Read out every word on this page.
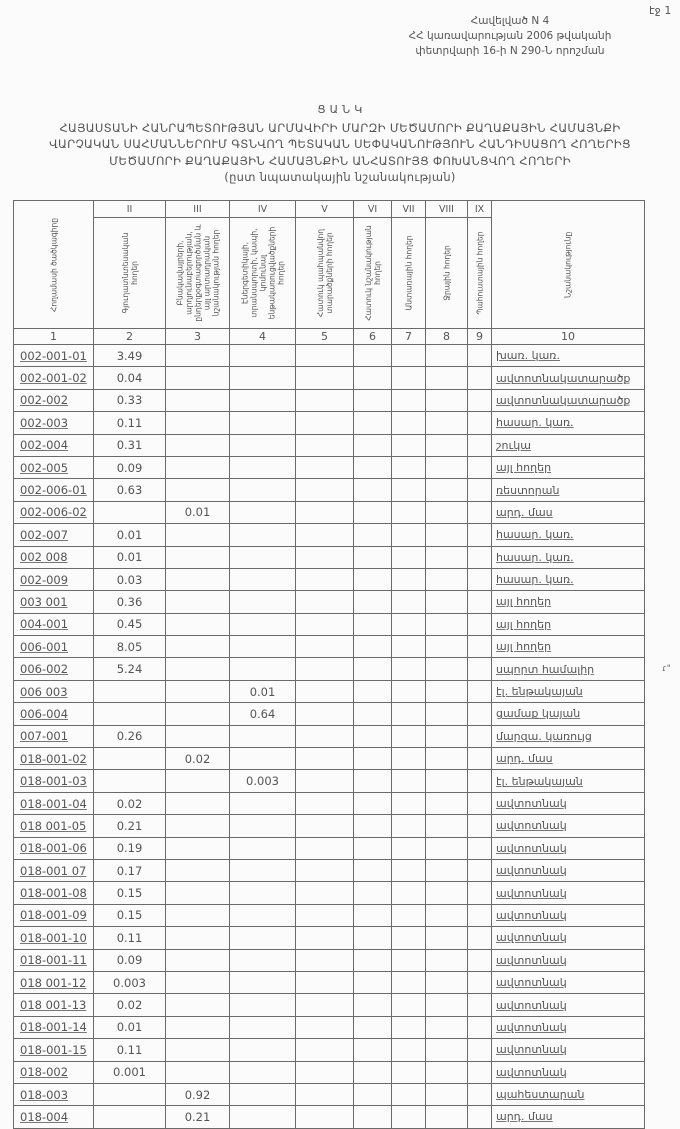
էջ 1
Հավելված N 4
ՀՀ կառավարության 2006 թվականի
փետրվարի 16-ի N 290-Ն որոշման
Ց Ա Ն Կ
ՀԱՅԱՍՏԱՆԻ ՀԱՆՐԱՊԵՏՈՒԹՅԱՆ ԱՐՄԱՎԻՐԻ ՄԱՐԶԻ ՄԵԾԱՄՈՐԻ ՔԱՂԱՔԱՅԻՆ ՀԱՄԱՅՆՔԻ
ՎԱՐՉԱԿԱՆ ՍԱՀՄԱՆՆԵՐՈՒՄ ԳՏՆՎՈՂ ՊԵՏԱԿԱՆ ՍԵՓԱԿԱՆՈՒԹՅՈՒՆ ՀԱՆԴԻՍԱՑՈՂ ՀՈՂԵՐԻՑ
ՄԵԾԱՄՈՐԻ ՔԱՂԱՔԱՅԻՆ ՀԱՄԱՅՆՔԻՆ ԱՆՀԱՏՈՒՅՑ ՓՈԽԱՆՑՎՈՂ ՀՈՂԵՐԻ
(ըստ նպատակային նշանակության)
Հողամասի ծածկագիրը	II	III	IV	V	VI	VII	VIII	IX	Նշանակությունը

	Գյուղատնտեսական հողեր	Բնակավայրերի, արդյունաբերության, ընդերքօգտագործման և այլ արտադրական նշանակության հողեր	Էներգետիկայի, տրանսպորտի, կապի, կոմունալ ենթակառուցվածքների հողեր	Հատուկ պահպանվող տարածքների հողեր	Հատուկ նշանակության հողեր	Անտառային հողեր	Ջրային հողեր	Պահուստային հողեր	

1	2	3	4	5	6	7	8	9	10
002-001-01	3.49								խառ. կառ.
002-001-02	0.04								ավտոտնակատարածք
002-002	0.33								ավտոտնակատարածք
002-003	0.11								հասար. կառ.
002-004	0.31								շուկա
002-005	0.09								այլ հողեր
002-006-01	0.63								ռեստորան
002-006-02		0.01							արդ. մաս
002-007	0.01								հասար. կառ.
002 008	0.01								հասար. կառ.
002-009	0.03								հասար. կառ.
003 001	0.36								այլ հողեր
004-001	0.45								այլ հողեր
006-001	8.05								այլ հողեր
006-002	5.24								սպորտ համալիր
006 003			0.01						էլ. ենթակայան
006-004			0.64						ցամաք կայան
007-001	0.26								մարզա. կառույց
018-001-02		0.02							արդ. մաս
018-001-03			0.003						էլ. ենթակայան
018-001-04	0.02								ավտոտնակ
018 001-05	0.21								ավտոտնակ
018-001-06	0.19								ավտոտնակ
018-001 07	0.17								ավտոտնակ
018-001-08	0.15								ավտոտնակ
018-001-09	0.15								ավտոտնակ
018-001-10	0.11								ավտոտնակ
018-001-11	0.09								ավտոտնակ
018 001-12	0.003								ավտոտնակ
018 001-13	0.02								ավտոտնակ
018-001-14	0.01								ավտոտնակ
018-001-15	0.11								ավտոտնակ
018-002	0.001								ավտոտնակ
018-003		0.92							պահեստարան
018-004		0.21							արդ. մաս
ɾ"
